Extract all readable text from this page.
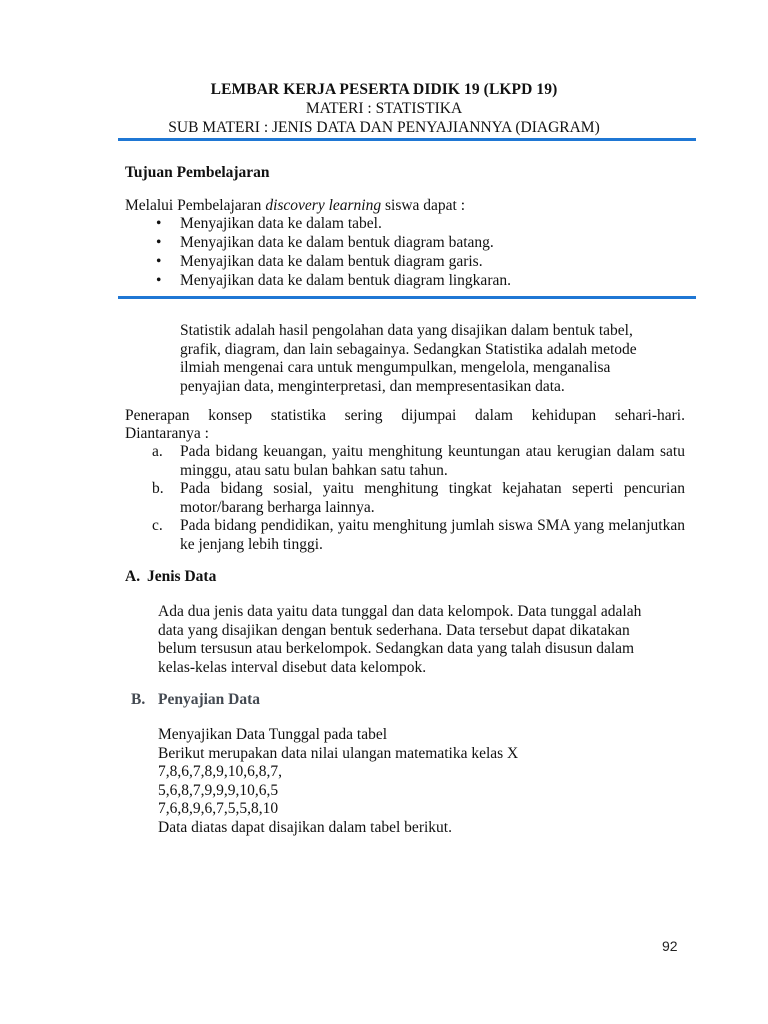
LEMBAR KERJA PESERTA DIDIK 19 (LKPD 19)
MATERI : STATISTIKA
SUB MATERI : JENIS DATA DAN PENYAJIANNYA (DIAGRAM)
Tujuan Pembelajaran
Melalui Pembelajaran discovery learning siswa dapat :
• Menyajikan data ke dalam tabel.
• Menyajikan data ke dalam bentuk diagram batang.
• Menyajikan data ke dalam bentuk diagram garis.
• Menyajikan data ke dalam bentuk diagram lingkaran.
Statistik adalah hasil pengolahan data yang disajikan dalam bentuk tabel,
grafik, diagram, dan lain sebagainya. Sedangkan Statistika adalah metode
ilmiah mengenai cara untuk mengumpulkan, mengelola, menganalisa
penyajian data, menginterpretasi, dan mempresentasikan data.
Penerapan konsep statistika sering dijumpai dalam kehidupan sehari-hari.
Diantaranya :
a. Pada bidang keuangan, yaitu menghitung keuntungan atau kerugian dalam satu minggu, atau satu bulan bahkan satu tahun.
b. Pada bidang sosial, yaitu menghitung tingkat kejahatan seperti pencurian motor/barang berharga lainnya.
c. Pada bidang pendidikan, yaitu menghitung jumlah siswa SMA yang melanjutkan ke jenjang lebih tinggi.
A. Jenis Data
Ada dua jenis data yaitu data tunggal dan data kelompok. Data tunggal adalah
data yang disajikan dengan bentuk sederhana. Data tersebut dapat dikatakan
belum tersusun atau berkelompok. Sedangkan data yang talah disusun dalam
kelas-kelas interval disebut data kelompok.
B. Penyajian Data
Menyajikan Data Tunggal pada tabel
Berikut merupakan data nilai ulangan matematika kelas X
7,8,6,7,8,9,10,6,8,7,
5,6,8,7,9,9,9,10,6,5
7,6,8,9,6,7,5,5,8,10
Data diatas dapat disajikan dalam tabel berikut.
92
